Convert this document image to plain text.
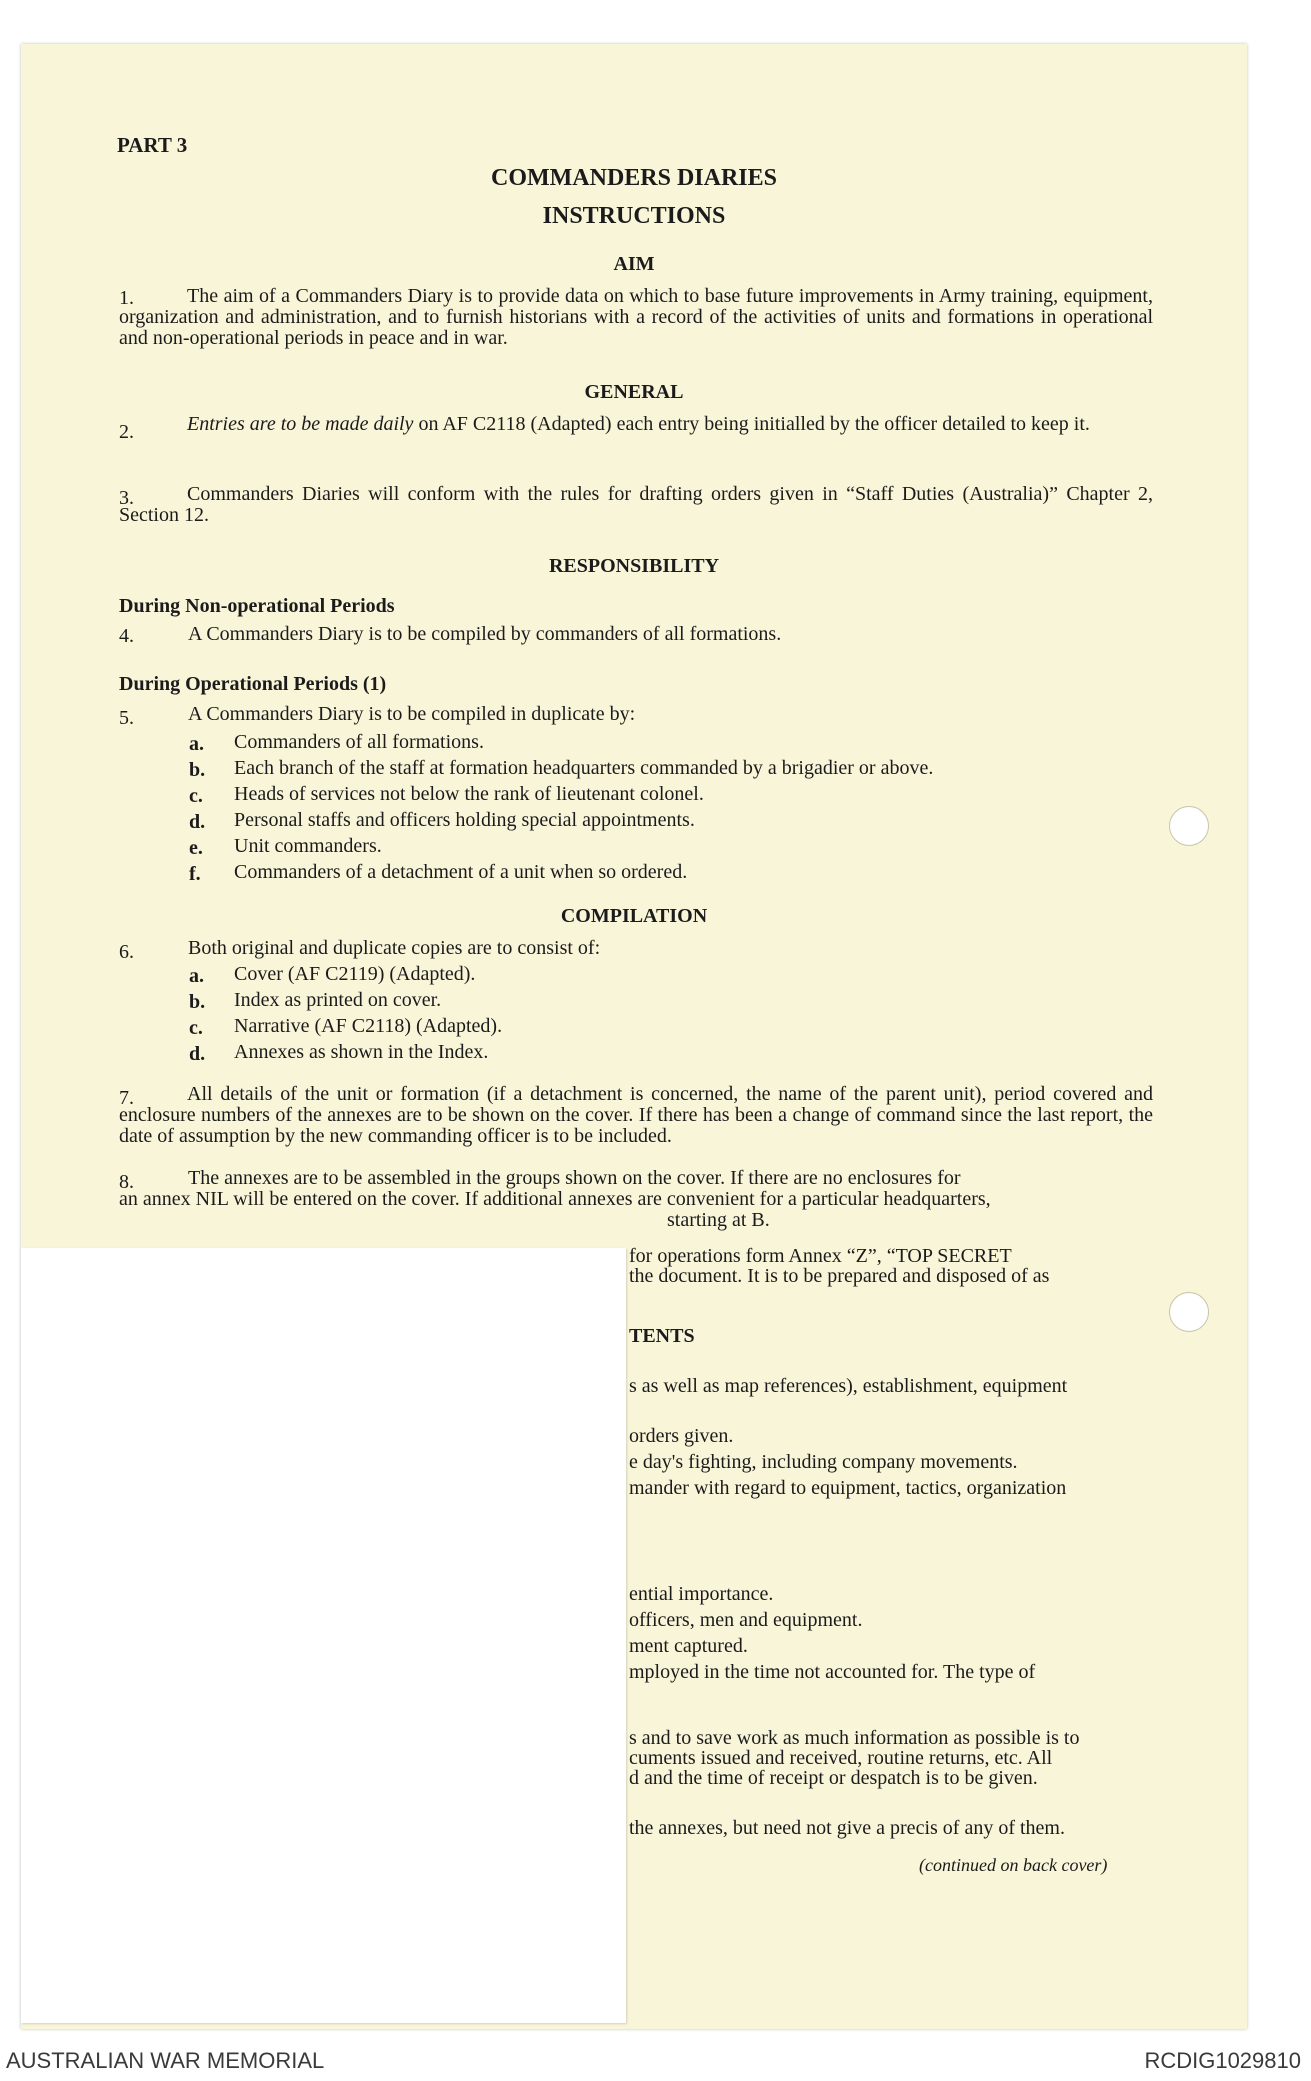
PART 3
COMMANDERS DIARIES
INSTRUCTIONS
AIM
1.	The aim of a Commanders Diary is to provide data on which to base future improvements in Army training, equipment, organization and administration, and to furnish historians with a record of the activities of units and formations in operational and non-operational periods in peace and in war.
GENERAL
2.	Entries are to be made daily on AF C2118 (Adapted) each entry being initialled by the officer detailed to keep it.
3.	Commanders Diaries will conform with the rules for drafting orders given in “Staff Duties (Australia)” Chapter 2, Section 12.
RESPONSIBILITY
During Non-operational Periods
4.	A Commanders Diary is to be compiled by commanders of all formations.
During Operational Periods (1)
5.	A Commanders Diary is to be compiled in duplicate by:
a. Commanders of all formations.
b. Each branch of the staff at formation headquarters commanded by a brigadier or above.
c. Heads of services not below the rank of lieutenant colonel.
d. Personal staffs and officers holding special appointments.
e. Unit commanders.
f. Commanders of a detachment of a unit when so ordered.
COMPILATION
6.	Both original and duplicate copies are to consist of:
a. Cover (AF C2119) (Adapted).
b. Index as printed on cover.
c. Narrative (AF C2118) (Adapted).
d. Annexes as shown in the Index.
7.	All details of the unit or formation (if a detachment is concerned, the name of the parent unit), period covered and enclosure numbers of the annexes are to be shown on the cover. If there has been a change of command since the last report, the date of assumption by the new commanding officer is to be included.
8.	The annexes are to be assembled in the groups shown on the cover. If there are no enclosures for
an annex NIL will be entered on the cover. If additional annexes are convenient for a particular headquarters,
starting at B.
for operations form Annex “Z”, “TOP SECRET
the document. It is to be prepared and disposed of as
TENTS
s as well as map references), establishment, equipment
orders given.
e day's fighting, including company movements.
mander with regard to equipment, tactics, organization
ential importance.
officers, men and equipment.
ment captured.
mployed in the time not accounted for. The type of
s and to save work as much information as possible is to
cuments issued and received, routine returns, etc. All
d and the time of receipt or despatch is to be given.
the annexes, but need not give a precis of any of them.
(continued on back cover)
AUSTRALIAN WAR MEMORIAL	RCDIG1029810
